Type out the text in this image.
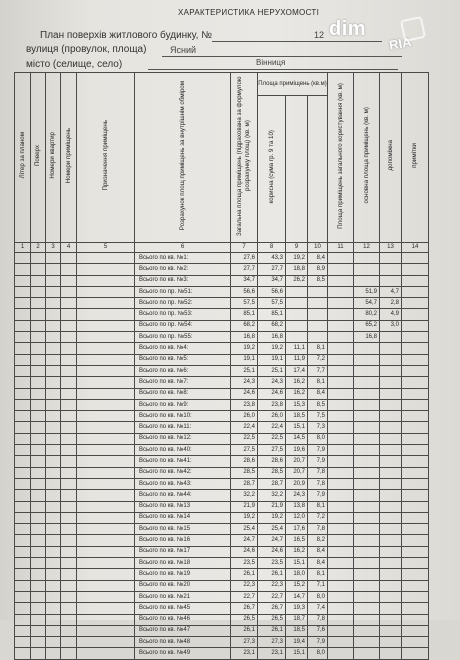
ХАРАКТЕРИСТИКА НЕРУХОМОСТІ
План поверхів житлового будинку, №	12
вулиця (провулок, площа)	Ясний
місто (селище, село)	Вінниця
dim
RIA
Літер за планом	Поверх	Номери квартир	Номери приміщень	Призначення приміщень	Розрахунок площ приміщень за внутрішнім обміром	Загальна площа приміщень (підрахована за формулою розрахунку площ) (кв. м)	Площа приміщень (кв.м)			Площа приміщень загального користування (кв. м)	основна площа приміщень (кв. м)	допоміжна	примітки
							корисна (сума гр. 9 та 10)						
1	2	3	4	5	6	7	8	9	10	11	12	13	14
					Всього по кв. №1:	27,6	43,3	19,2	8,4				
					Всього по кв. №2:	27,7	27,7	18,8	8,9				
					Всього по кв. №3:	34,7	34,7	26,2	8,5				
					Всього по пр. №51:	56,6	56,6				51,9	4,7	
					Всього по пр. №52:	57,5	57,5				54,7	2,8	
					Всього по пр. №53:	85,1	85,1				80,2	4,9	
					Всього по пр. №54:	68,2	68,2				65,2	3,0	
					Всього по пр. №55:	16,8	16,8				16,8		
					Всього по кв. №4:	19,2	19,2	11,1	8,1				
					Всього по кв. №5:	19,1	19,1	11,9	7,2				
					Всього по кв. №6:	25,1	25,1	17,4	7,7				
					Всього по кв. №7:	24,3	24,3	16,2	8,1				
					Всього по кв. №8:	24,6	24,6	16,2	8,4				
					Всього по кв. №9:	23,8	23,8	15,3	8,5				
					Всього по кв. №10:	26,0	26,0	18,5	7,5				
					Всього по кв. №11:	22,4	22,4	15,1	7,3				
					Всього по кв. №12:	22,5	22,5	14,5	8,0				
					Всього по кв. №40:	27,5	27,5	19,6	7,9				
					Всього по кв. №41:	28,6	28,6	20,7	7,9				
					Всього по кв. №42:	28,5	28,5	20,7	7,8				
					Всього по кв. №43:	28,7	28,7	20,9	7,8				
					Всього по кв. №44:	32,2	32,2	24,3	7,9				
					Всього по кв. №13	21,9	21,9	13,8	8,1				
					Всього по кв. №14	19,2	19,2	12,0	7,2				
					Всього по кв. №15	25,4	25,4	17,6	7,8				
					Всього по кв. №16	24,7	24,7	16,5	8,2				
					Всього по кв. №17	24,6	24,6	16,2	8,4				
					Всього по кв. №18	23,5	23,5	15,1	8,4				
					Всього по кв. №19	26,1	26,1	18,0	8,1				
					Всього по кв. №20	22,3	22,3	15,2	7,1				
					Всього по кв. №21	22,7	22,7	14,7	8,0				
					Всього по кв. №45	26,7	26,7	19,3	7,4				
					Всього по кв. №46	26,5	26,5	18,7	7,8				
					Всього по кв. №47	26,1	26,1	18,5	7,6				
					Всього по кв. №48	27,3	27,3	19,4	7,9				
					Всього по кв. №49	23,1	23,1	15,1	8,0				
